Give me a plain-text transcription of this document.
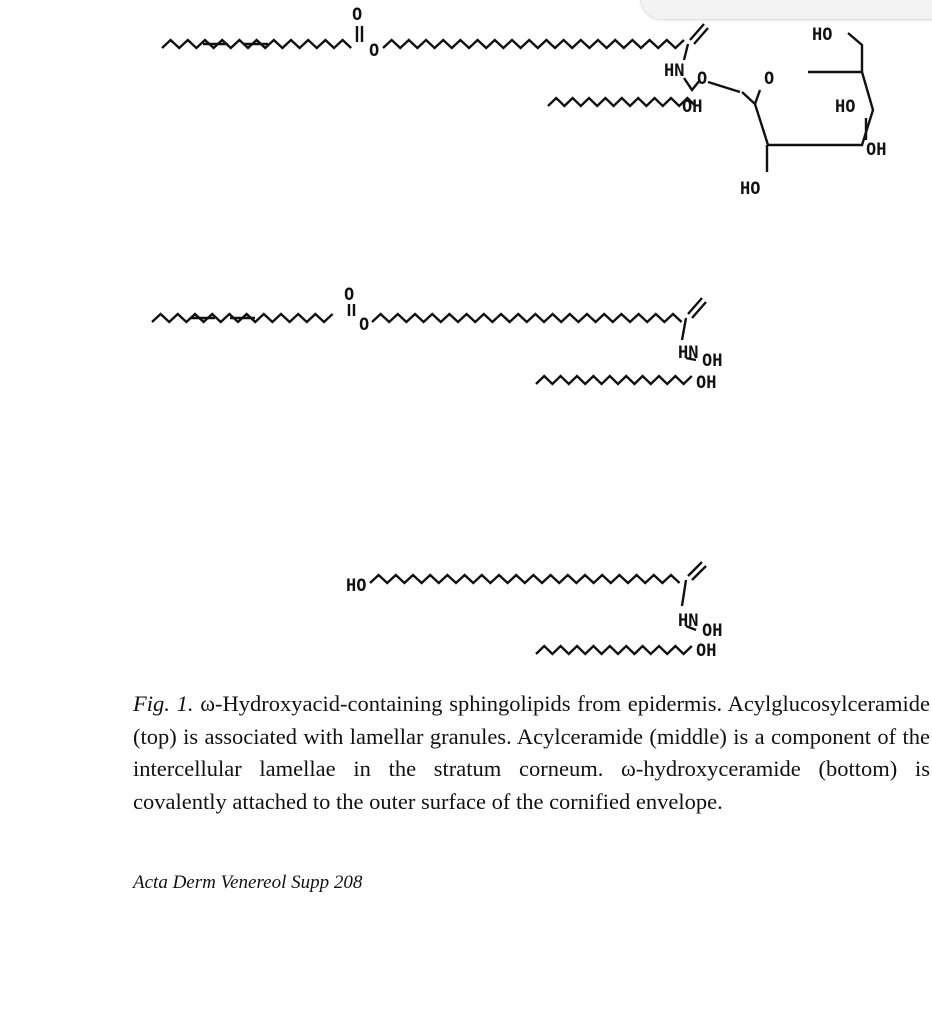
O
O
HN O
OH
O
HO
HO
OH
HO
O
O
HN OH
OH
HO
HN OH
OH
Fig. 1. ω-Hydroxyacid-containing sphingolipids from epidermis. Acylglucosylceramide (top) is associated with lamellar granules. Acylceramide (middle) is a component of the intercellular lamellae in the stratum corneum. ω-hydroxyceramide (bottom) is covalently attached to the outer surface of the cornified envelope.
Acta Derm Venereol Supp 208
